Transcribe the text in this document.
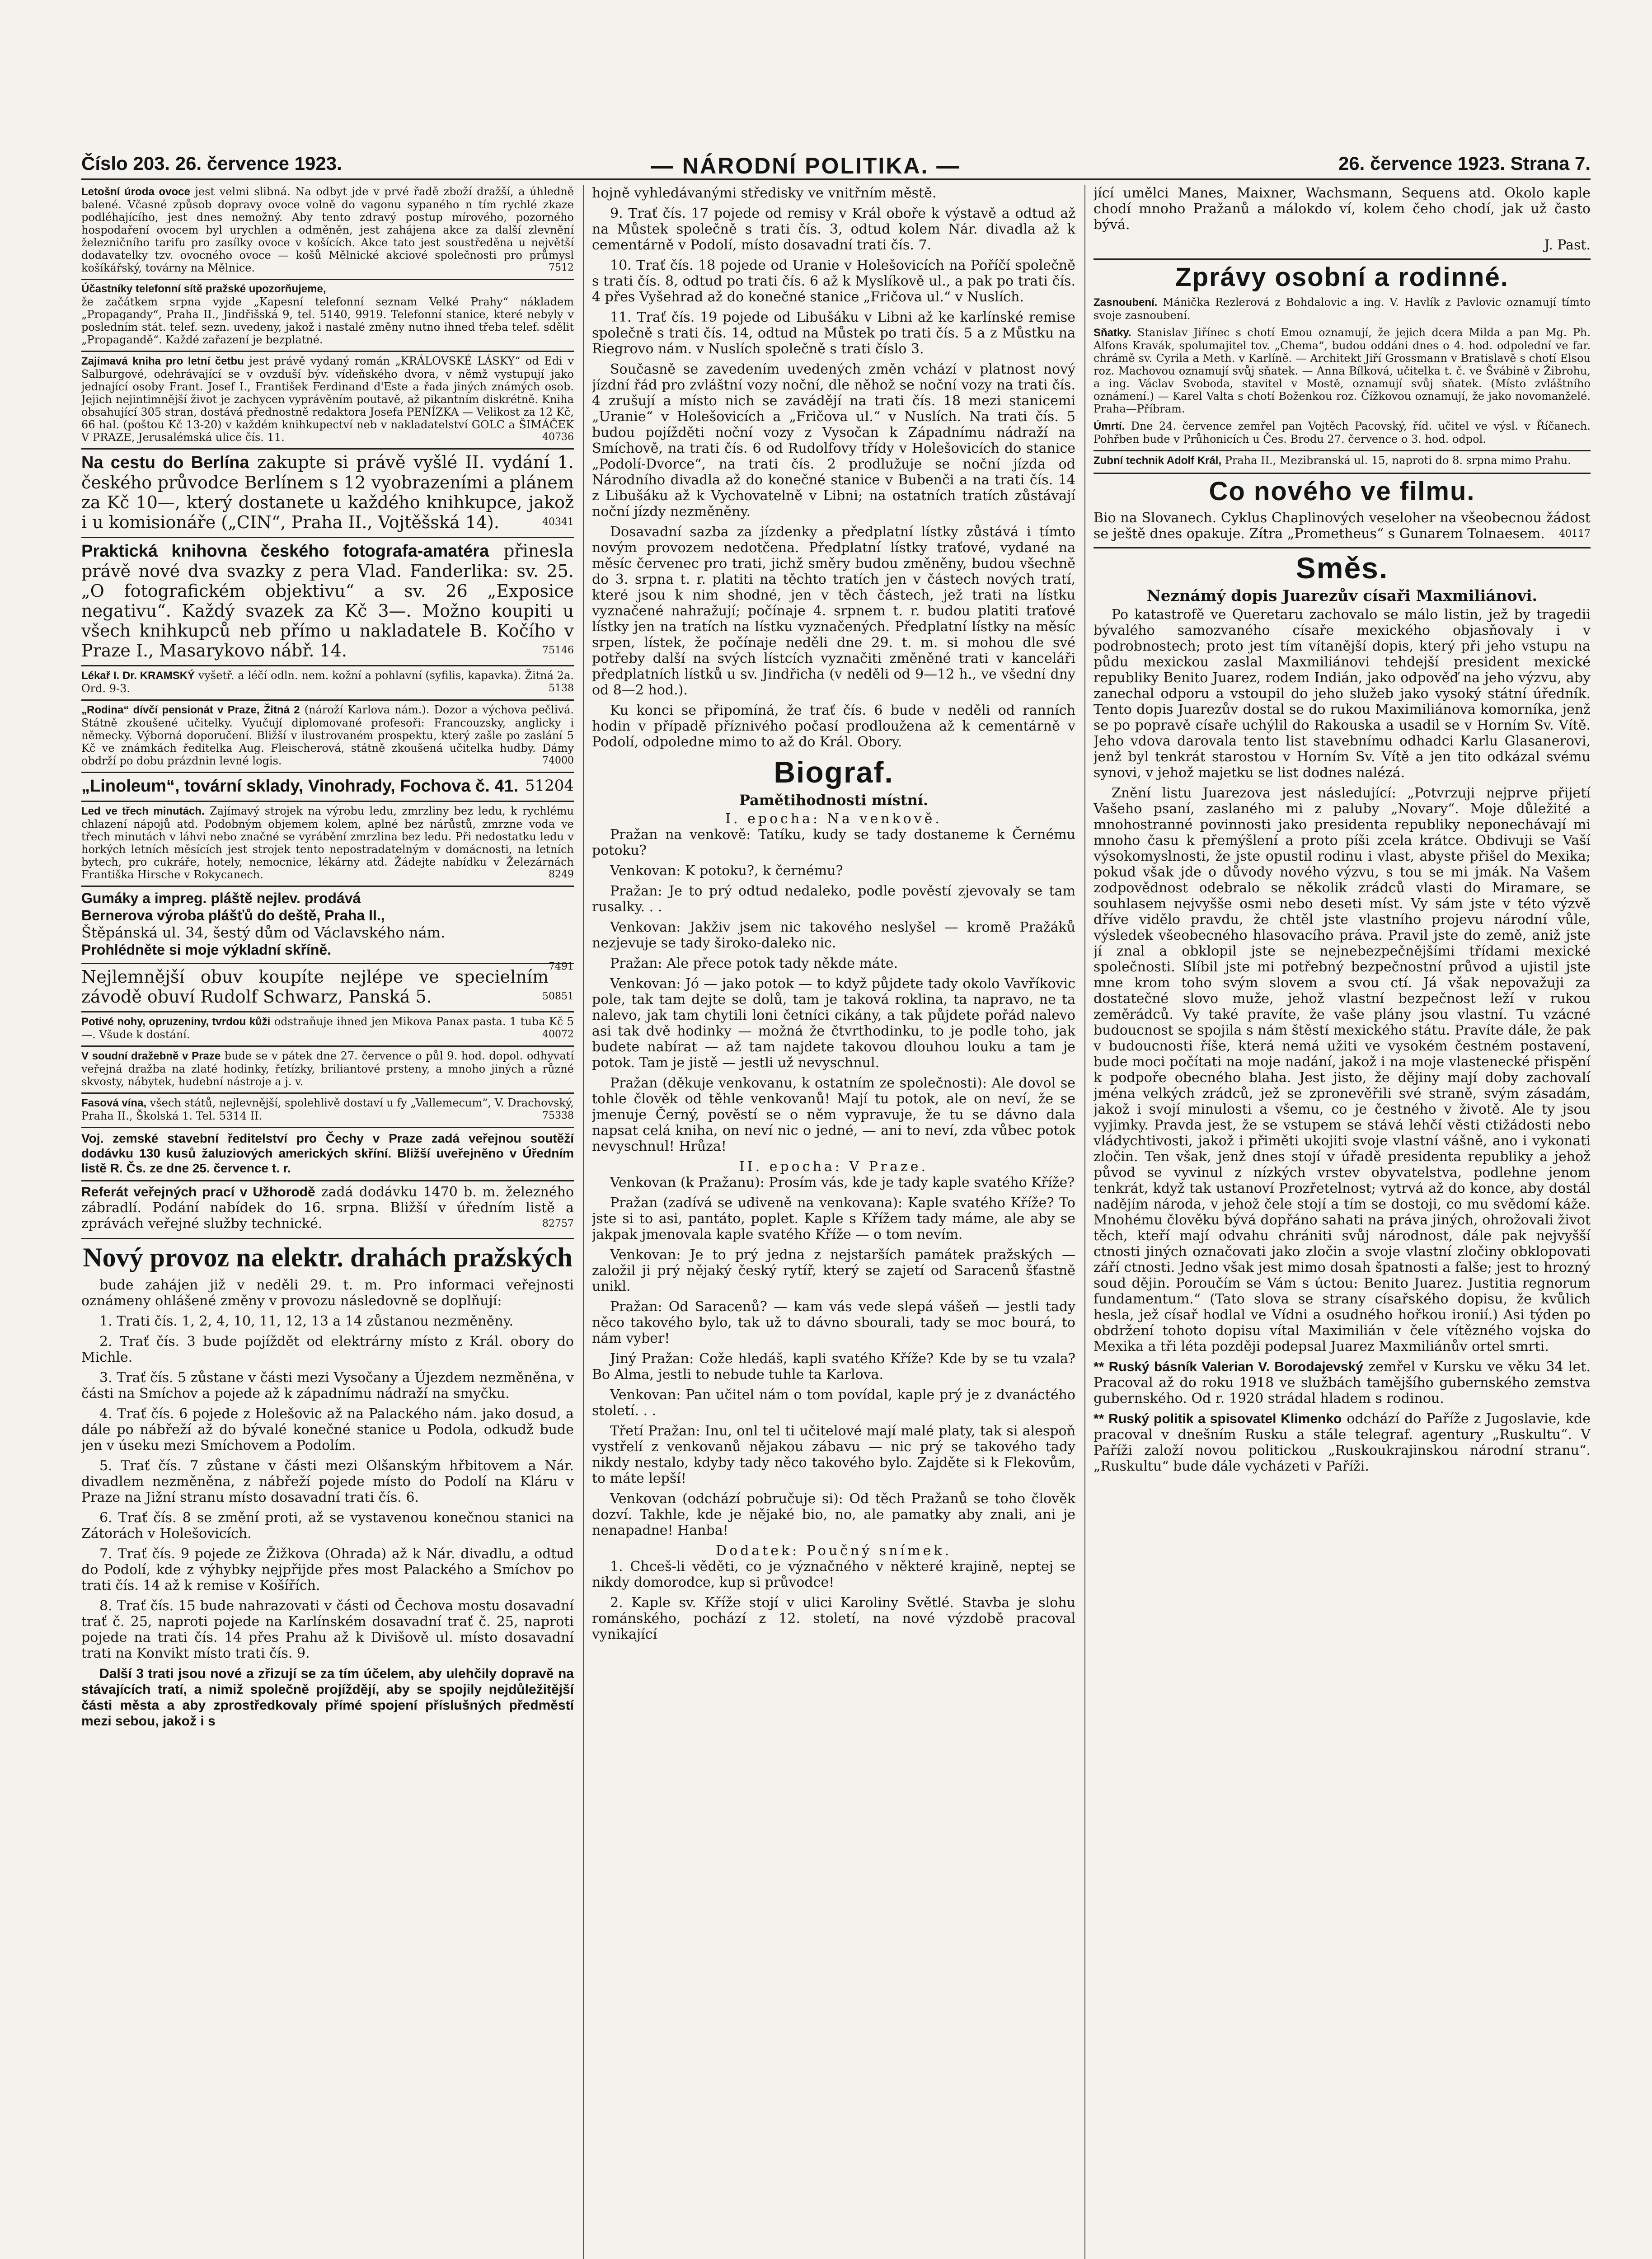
Číslo 203. 26. července 1923.	— NÁRODNÍ POLITIKA. —	26. července 1923. Strana 7.
Letošní úroda ovoce jest velmi slibná. Na odbyt jde v prvé řadě zboží dražší, a úhledně balené. Včasné způsob dopravy ovoce volně do vagonu sypaného n tím rychlé zkaze podléhajícího, jest dnes nemožný. Aby tento zdravý postup mírového, pozorného hospodaření ovocem byl urychlen a odměněn, jest zahájena akce za další zlevnění železničního tarifu pro zasílky ovoce v košících. Akce tato jest soustředěna u největší dodavatelky tzv. ovocného ovoce — košů Mělnické akciové společnosti pro průmysl košíkářský, továrny na Mělnice.	7512
Účastníky telefonní sítě pražské upozorňujeme,
že začátkem srpna vyjde „Kapesní telefonní seznam Velké Prahy“ nákladem „Propagandy“, Praha II., Jindřišská 9, tel. 5140, 9919. Telefonní stanice, které nebyly v posledním stát. telef. sezn. uvedeny, jakož i nastalé změny nutno ihned třeba telef. sdělit „Propagandě“. Každé zařazení je bezplatné.
Zajímavá kniha pro letní četbu jest právě vydaný román „KRÁLOVSKÉ LÁSKY“ od Edi v Salburgové, odehrávající se v ovzduší býv. vídeňského dvora, v němž vystupují jako jednající osoby Frant. Josef I., František Ferdinand d'Este a řada jiných známých osob. Jejich nejintimnější život je zachycen vyprávěním poutavě, až pikantním diskrétně. Kniha obsahující 305 stran, dostává přednostně redaktora Josefa PENÍZKA — Velikost za 12 Kč, 66 hal. (poštou Kč 13-20) v každém knihkupectví neb v nakladatelství GOLC a ŠIMÁČEK V PRAZE, Jerusalémská ulice čís. 11.	40736
Na cestu do Berlína zakupte si právě vyšlé II. vydání 1. českého průvodce Berlínem s 12 vyobrazeními a plánem za Kč 10—, který dostanete u každého knihkupce, jakož i u komisionáře („CIN“, Praha II., Vojtěšská 14).	40341
Praktická knihovna českého fotografa-amatéra přinesla právě nové dva svazky z pera Vlad. Fanderlika: sv. 25. „O fotografickém objektivu“ a sv. 26 „Exposice negativu“. Každý svazek za Kč 3—. Možno koupiti u všech knihkupců neb přímo u nakladatele B. Kočího v Praze I., Masarykovo nábř. 14.	75146
Lékař I. Dr. KRAMSKÝ vyšetř. a léčí odln. nem. kožní a pohlavní (syfilis, kapavka). Žitná 2a. Ord. 9-3.	5138
„Rodina“ dívčí pensionát v Praze, Žitná 2 (nároží Karlova nám.). Dozor a výchova pečlivá. Státně zkoušené učitelky. Vyučují diplomované profesoři: Francouzsky, anglicky i německy. Výborná doporučení. Bližší v ilustrovaném prospektu, který zašle po zaslání 5 Kč ve známkách ředitelka Aug. Fleischerová, státně zkoušená učitelka hudby. Dámy obdrží po dobu prázdnin levné logis.	74000
„Linoleum“, tovární sklady, Vinohrady, Fochova č. 41. 51204
Led ve třech minutách. Zajímavý strojek na výrobu ledu, zmrzliny bez ledu, k rychlému chlazení nápojů atd. Podobným objemem kolem, aplné bez nárůstů, zmrzne voda ve třech minutách v láhvi nebo značné se vyrábění zmrzlina bez ledu. Při nedostatku ledu v horkých letních měsících jest strojek tento nepostradatelným v domácnosti, na letních bytech, pro cukráře, hotely, nemocnice, lékárny atd. Žádejte nabídku v Železárnách Františka Hirsche v Rokycanech.	8249
Gumáky a impreg. pláště nejlev. prodává
Bernerova výroba plášťů do deště, Praha II.,
Štěpánská ul. 34, šestý dům od Václavského nám.
Prohlédněte si moje výkladní skříně.
7491
Nejlemnější obuv koupíte nejlépe ve specielním závodě obuví Rudolf Schwarz, Panská 5.	50851
Potivé nohy, opruzeniny, tvrdou kůži odstraňuje ihned jen Mikova Panax pasta. 1 tuba Kč 5—. Všude k dostání.	40072
V soudní dražebně v Praze bude se v pátek dne 27. července o půl 9. hod. dopol. odhyvatí veřejná dražba na zlaté hodinky, řetízky, briliantové prsteny, a mnoho jiných a různé skvosty, nábytek, hudební nástroje a j. v.
Fasová vína, všech států, nejlevnější, spolehlivě dostaví u fy „Vallemecum“, V. Drachovský, Praha II., Školská 1. Tel. 5314 II.	75338
Voj. zemské stavební ředitelství pro Čechy v Praze zadá veřejnou soutěží dodávku 130 kusů žaluziových amerických skříní. Bližší uveřejněno v Úředním listě R. Čs. ze dne 25. července t. r.
Referát veřejných prací v Užhorodě zadá dodávku 1470 b. m. železného zábradlí. Podání nabídek do 16. srpna. Bližší v úředním listě a zprávách veřejné služby technické.	82757
Nový provoz na elektr. drahách pražských
bude zahájen již v neděli 29. t. m. Pro informaci veřejnosti oznámeny ohlášené změny v provozu následovně se doplňují:
1. Trati čís. 1, 2, 4, 10, 11, 12, 13 a 14 zůstanou nezměněny.
2. Trať čís. 3 bude pojíždět od elektrárny místo z Král. obory do Michle.
3. Trať čís. 5 zůstane v části mezi Vysočany a Újezdem nezměněna, v části na Smíchov a pojede až k západnímu nádraží na smyčku.
4. Trať čís. 6 pojede z Holešovic až na Palackého nám. jako dosud, a dále po nábřeží až do bývalé konečné stanice u Podola, odkudž bude jen v úseku mezi Smíchovem a Podolím.
5. Trať čís. 7 zůstane v části mezi Olšanským hřbitovem a Nár. divadlem nezměněna, z nábřeží pojede místo do Podolí na Kláru v Praze na Jižní stranu místo dosavadní trati čís. 6.
6. Trať čís. 8 se změní proti, až se vystavenou konečnou stanici na Zátorách v Holešovicích.
7. Trať čís. 9 pojede ze Žižkova (Ohrada) až k Nár. divadlu, a odtud do Podolí, kde z výhybky nejpřijde přes most Palackého a Smíchov po trati čís. 14 až k remise v Košířích.
8. Trať čís. 15 bude nahrazovati v části od Čechova mostu dosavadní trať č. 25, naproti pojede na Karlínském dosavadní trať č. 25, naproti pojede na trati čís. 14 přes Prahu až k Divišově ul. místo dosavadní trati na Konvikt místo trati čís. 9.
Další 3 trati jsou nové a zřizují se za tím účelem, aby ulehčily dopravě na stávajících tratí, a nimiž společně projíždějí, aby se spojily nejdůležitější části města a aby zprostředkovaly přímé spojení příslušných předměstí mezi sebou, jakož i s
hojně vyhledávanými středisky ve vnitřním městě.
9. Trať čís. 17 pojede od remisy v Král oboře k výstavě a odtud až na Můstek společně s trati čís. 3, odtud kolem Nár. divadla až k cementárně v Podolí, místo dosavadní trati čís. 7.
10. Trať čís. 18 pojede od Uranie v Holešovicích na Poříčí společně s trati čís. 8, odtud po trati čís. 6 až k Myslíkově ul., a pak po trati čís. 4 přes Vyšehrad až do konečné stanice „Fričova ul.“ v Nuslích.
11. Trať čís. 19 pojede od Libušáku v Libni až ke karlínské remise společně s trati čís. 14, odtud na Můstek po trati čís. 5 a z Můstku na Riegrovo nám. v Nuslích společně s trati číslo 3.
Současně se zavedením uvedených změn vchází v platnost nový jízdní řád pro zvláštní vozy noční, dle něhož se noční vozy na trati čís. 4 zrušují a místo nich se zavádějí na trati čís. 18 mezi stanicemi „Uranie“ v Holešovicích a „Fričova ul.“ v Nuslích. Na trati čís. 5 budou pojížděti noční vozy z Vysočan k Západnímu nádraží na Smíchově, na trati čís. 6 od Rudolfovy třídy v Holešovicích do stanice „Podolí-Dvorce“, na trati čís. 2 prodlužuje se noční jízda od Národního divadla až do konečné stanice v Bubenči a na trati čís. 14 z Libušáku až k Vychovatelně v Libni; na ostatních tratích zůstávají noční jízdy nezměněny.
Dosavadní sazba za jízdenky a předplatní lístky zůstává i tímto novým provozem nedotčena. Předplatní lístky traťové, vydané na měsíc červenec pro trati, jichž směry budou změněny, budou všechně do 3. srpna t. r. platiti na těchto tratích jen v částech nových tratí, které jsou k nim shodné, jen v těch částech, jež trati na lístku vyznačené nahražují; počínaje 4. srpnem t. r. budou platiti traťové lístky jen na tratích na lístku vyznačených. Předplatní lístky na měsíc srpen, lístek, že počínaje neděli dne 29. t. m. si mohou dle své potřeby další na svých lístcích vyznačiti změněné trati v kanceláři předplatních lístků u sv. Jindřicha (v neděli od 9—12 h., ve všední dny od 8—2 hod.).
Ku konci se připomíná, že trať čís. 6 bude v neděli od ranních hodin v případě příznivého počasí prodloužena až k cementárně v Podolí, odpoledne mimo to až do Král. Obory.
Biograf.
Pamětihodnosti místní.
I. epocha: Na venkově.
Pražan na venkově: Tatíku, kudy se tady dostaneme k Černému potoku?
Venkovan: K potoku?, k černému?
Pražan: Je to prý odtud nedaleko, podle pověstí zjevovaly se tam rusalky. . .
Venkovan: Jakživ jsem nic takového neslyšel — kromě Pražáků nezjevuje se tady široko-daleko nic.
Pražan: Ale přece potok tady někde máte.
Venkovan: Jó — jako potok — to když půjdete tady okolo Vavříkovic pole, tak tam dejte se dolů, tam je taková roklina, ta napravo, ne ta nalevo, jak tam chytili loni četníci cikány, a tak půjdete pořád nalevo asi tak dvě hodinky — možná že čtvrthodinku, to je podle toho, jak budete nabírat — až tam najdete takovou dlouhou louku a tam je potok. Tam je jistě — jestli už nevyschnul.
Pražan (děkuje venkovanu, k ostatním ze společnosti): Ale dovol se tohle člověk od těhle venkovanů! Mají tu potok, ale on neví, že se jmenuje Černý, pověstí se o něm vypravuje, že tu se dávno dala napsat celá kniha, on neví nic o jedné, — ani to neví, zda vůbec potok nevyschnul! Hrůza!
II. epocha: V Praze.
Venkovan (k Pražanu): Prosím vás, kde je tady kaple svatého Kříže?
Pražan (zadívá se udiveně na venkovana): Kaple svatého Kříže? To jste si to asi, pantáto, poplet. Kaple s Křížem tady máme, ale aby se jakpak jmenovala kaple svatého Kříže — o tom nevím.
Venkovan: Je to prý jedna z nejstarších památek pražských — založil ji prý nějaký český rytíř, který se zajetí od Saracenů šťastně unikl.
Pražan: Od Saracenů? — kam vás vede slepá vášeň — jestli tady něco takového bylo, tak už to dávno sbourali, tady se moc bourá, to nám vyber!
Jiný Pražan: Cože hledáš, kapli svatého Kříže? Kde by se tu vzala? Bo Alma, jestli to nebude tuhle ta Karlova.
Venkovan: Pan učitel nám o tom povídal, kaple prý je z dvanáctého století. . .
Třetí Pražan: Inu, onl tel ti učitelové mají malé platy, tak si alespoň vystřelí z venkovanů nějakou zábavu — nic prý se takového tady nikdy nestalo, kdyby tady něco takového bylo. Zajděte si k Flekovům, to máte lepší!
Venkovan (odchází pobručuje si): Od těch Pražanů se toho člověk dozví. Takhle, kde je nějaké bio, no, ale pamatky aby znali, ani je nenapadne! Hanba!
Dodatek: Poučný snímek.
1. Chceš-li věděti, co je význačného v některé krajině, nepteј se nikdy domorodce, kup si průvodce!
2. Kaple sv. Kříže stojí v ulici Karoliny Světlé. Stavba je slohu románského, pochází z 12. století, na nové výzdobě pracoval vynikající
jící umělci Manes, Maixner, Wachsmann, Sequens atd. Okolo kaple chodí mnoho Pražanů a málokdo ví, kolem čeho chodí, jak už často bývá.
J. Past.
Zprávy osobní a rodinné.
Zasnoubení. Mánička Rezlerová z Bohdalovic a ing. V. Havlík z Pavlovic oznamují tímto svoje zasnoubení.
Sňatky. Stanislav Jiřínec s chotí Emou oznamují, že jejich dcera Milda a pan Mg. Ph. Alfons Kravák, spolumajitel tov. „Chema“, budou oddáni dnes o 4. hod. odpolední ve far. chrámě sv. Cyrila a Meth. v Karlíně. — Architekt Jiří Grossmann v Bratislavě s chotí Elsou roz. Machovou oznamují svůj sňatek. — Anna Bílková, učitelka t. č. ve Švábině v Žibrohu, a ing. Václav Svoboda, stavitel v Mostě, oznamují svůj sňatek. (Místo zvláštního oznámení.) — Karel Valta s chotí Boženkou roz. Čížkovou oznamují, že jako novomanželé. Praha—Příbram.
Úmrtí. Dne 24. července zemřel pan Vojtěch Pacovský, říd. učitel ve výsl. v Říčanech. Pohřben bude v Průhonicích u Čes. Brodu 27. července o 3. hod. odpol.
Zubní technik Adolf Král, Praha II., Mezibranská ul. 15, naproti do 8. srpna mimo Prahu.
Co nového ve filmu.
Bio na Slovanech. Cyklus Chaplinových veseloher na všeobecnou žádost se ještě dnes opakuje. Zítra „Prometheus“ s Gunarem Tolnaesem. 40117
Směs.
Neznámý dopis Juarezův císaři Maxmiliánovi.
Po katastrofě ve Queretaru zachovalo se málo listin, jež by tragedii bývalého samozvaného císaře mexického objasňovaly i v podrobnostech; proto jest tím vítanější dopis, který při jeho vstupu na půdu mexickou zaslal Maxmiliánovi tehdejší president mexické republiky Benito Juarez, rodem Indián, jako odpověď na jeho výzvu, aby zanechal odporu a vstoupil do jeho služeb jako vysoký státní úředník. Tento dopis Juarezův dostal se do rukou Maximiliánova komorníka, jenž se po popravě císaře uchýlil do Rakouska a usadil se v Horním Sv. Vítě. Jeho vdova darovala tento list stavebnímu odhadci Karlu Glasanerovi, jenž byl tenkrát starostou v Horním Sv. Vítě a jen tito odkázal svému synovi, v jehož majetku se list dodnes nalézá.
Znění listu Juarezova jest následující: „Potvrzuji nejprve přijetí Vašeho psaní, zaslaného mi z paluby „Novary“. Moje důležité a mnohostranné povinnosti jako presidenta republiky neponechávají mi mnoho času k přemýšlení a proto píši zcela krátce. Obdivuji se Vaší výsokomyslnosti, že jste opustil rodinu i vlast, abyste přišel do Mexika; pokud však jde o důvody nového výzvu, s tou se mi jmák. Na Vašem zodpovědnost odebralo se několik zrádců vlasti do Miramare, se souhlasem nejvyšše osmi nebo deseti míst. Vy sám jste v této výzvě dříve vidělo pravdu, že chtěl jste vlastního projevu národní vůle, výsledek všeobecného hlasovacího práva. Pravil jste do země, aniž jste jí znal a obklopil jste se nejnebezpečnějšími třídami mexické společnosti. Slíbil jste mi potřebný bezpečnostní průvod a ujistil jste mne krom toho svým slovem a svou ctí. Já však nepovažuji za dostatečné slovo muže, jehož vlastní bezpečnost leží v rukou zeměrádců. Vy také pravíte, že vaše plány jsou vlastní. Tu vzácné budoucnost se spojila s nám štěstí mexického státu. Pravíte dále, že pak v budoucnosti říše, která nemá užiti ve vysokém čestném postavení, bude moci počítati na moje nadání, jakož i na moje vlastenecké přispění k podpoře obecného blaha. Jest jisto, že dějiny mají doby zachovalí jména velkých zrádců, jež se zpronevěřili své straně, svým zásadám, jakož i svojí minulosti a všemu, co je čestného v životě. Ale ty jsou vyjimky. Pravda jest, že se vstupem se stává lehčí věsti ctižádosti nebo vládychtivosti, jakož i přiměti ukojiti svoje vlastní vášně, ano i vykonati zločin. Ten však, jenž dnes stojí v úřadě presidenta republiky a jehož původ se vyvinul z nízkých vrstev obyvatelstva, podlehne jenom tenkrát, když tak ustanoví Prozřetelnost; vytrvá až do konce, aby dostál nadějím národa, v jehož čele stojí a tím se dostoji, co mu svědomí káže. Mnohému člověku bývá dopřáno sahati na práva jiných, ohrožovali život těch, kteří mají odvahu chrániti svůj národnost, dále pak nejvyšší ctnosti jiných označovati jako zločin a svoje vlastní zločiny obklopovati září ctnosti. Jedno však jest mimo dosah špatnosti a falše; jest to hrozný soud dějin. Poroučím se Vám s úctou: Benito Juarez. Justitia regnorum fundamentum.“ (Tato slova se strany císařského dopisu, že kvůlich hesla, jež císař hodlal ve Vídni a osudného hořkou ironií.) Asi týden po obdržení tohoto dopisu vítal Maximilián v čele vítězného vojska do Mexika a tři léta později podepsal Juarez Maxmiliánův ortel smrti.
** Ruský básník Valerian V. Borodajevský zemřel v Kursku ve věku 34 let. Pracoval až do roku 1918 ve službách tamějšího gubernského zemstva gubernského. Od r. 1920 strádal hladem s rodinou.
** Ruský politik a spisovatel Klimenko odchází do Paříže z Jugoslavie, kde pracoval v dnešním Rusku a stále telegraf. agentury „Ruskultu“. V Paříži založí novou politickou „Ruskoukrajinskou národní stranu“. „Ruskultu“ bude dále vycházeti v Paříži.
